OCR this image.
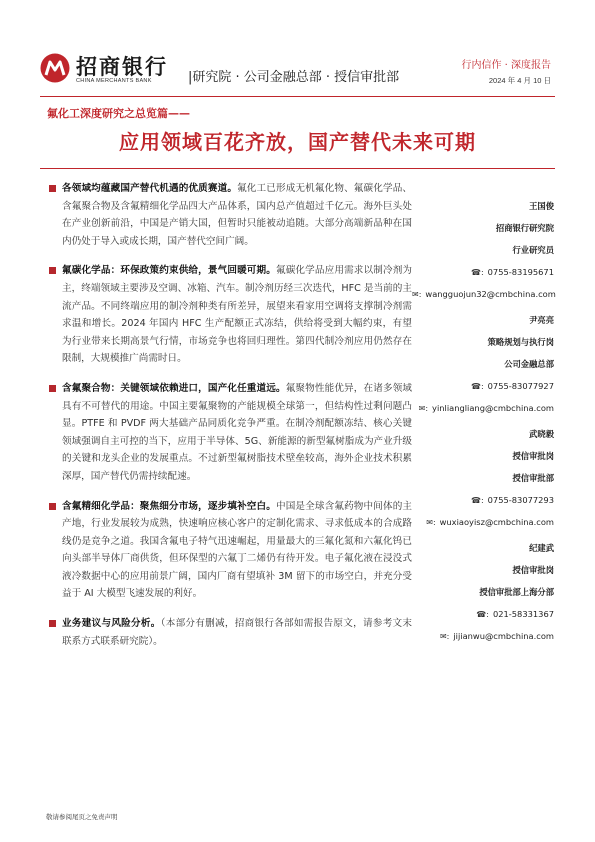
招商银行
CHINA MERCHANTS BANK	|研究院 · 公司金融总部 · 授信审批部
行内信作 · 深度报告
2024 年 4 月 10 日
氟化工深度研究之总览篇——
应用领域百花齐放，国产替代未来可期

各领域均蕴藏国产替代机遇的优质赛道。氟化工已形成无机氟化物、氟碳化学品、含氟聚合物及含氟精细化学品四大产品体系，国内总产值超过千亿元。海外巨头处在产业创新前沿，中国是产销大国，但暂时只能被动追随。大部分高端新品种在国内仍处于导入或成长期，国产替代空间广阔。

氟碳化学品：环保政策约束供给，景气回暖可期。氟碳化学品应用需求以制冷剂为主，终端领域主要涉及空调、冰箱、汽车。制冷剂历经三次迭代，HFC 是当前的主流产品。不同终端应用的制冷剂种类有所差异，展望来看家用空调将支撑制冷剂需求温和增长。2024 年国内 HFC 生产配额正式冻结，供给将受到大幅约束，有望为行业带来长期高景气行情，市场竞争也将回归理性。第四代制冷剂应用仍然存在限制，大规模推广尚需时日。

含氟聚合物：关键领域依赖进口，国产化任重道远。氟聚物性能优异，在诸多领域具有不可替代的用途。中国主要氟聚物的产能规模全球第一，但结构性过剩问题凸显。PTFE 和 PVDF 两大基础产品同质化竞争严重。在制冷剂配额冻结、核心关键领域强调自主可控的当下，应用于半导体、5G、新能源的新型氟树脂成为产业升级的关键和龙头企业的发展重点。不过新型氟树脂技术壁垒较高，海外企业技术积累深厚，国产替代仍需持续配速。

含氟精细化学品：聚焦细分市场，逐步填补空白。中国是全球含氟药物中间体的主产地，行业发展较为成熟，快速响应核心客户的定制化需求、寻求低成本的合成路线仍是竞争之道。我国含氟电子特气迅速崛起，用量最大的三氟化氮和六氟化钨已向头部半导体厂商供货，但环保型的六氟丁二烯仍有待开发。电子氟化液在浸没式液冷数据中心的应用前景广阔，国内厂商有望填补 3M 留下的市场空白，并充分受益于 AI 大模型飞速发展的利好。

业务建议与风险分析。（本部分有删减，招商银行各部如需报告原文，请参考文末联系方式联系研究院）。

王国俊
招商银行研究院
行业研究员
☎: 0755-83195671
✉: wangguojun32@cmbchina.com
尹亮亮
策略规划与执行岗
公司金融总部
☎: 0755-83077927
✉: yinliangliang@cmbchina.com
武晓毅
授信审批岗
授信审批部
☎: 0755-83077293
✉: wuxiaoyisz@cmbchina.com
纪建武
授信审批岗
授信审批部上海分部
☎: 021-58331367
✉: jijianwu@cmbchina.com
敬请参阅尾页之免责声明
